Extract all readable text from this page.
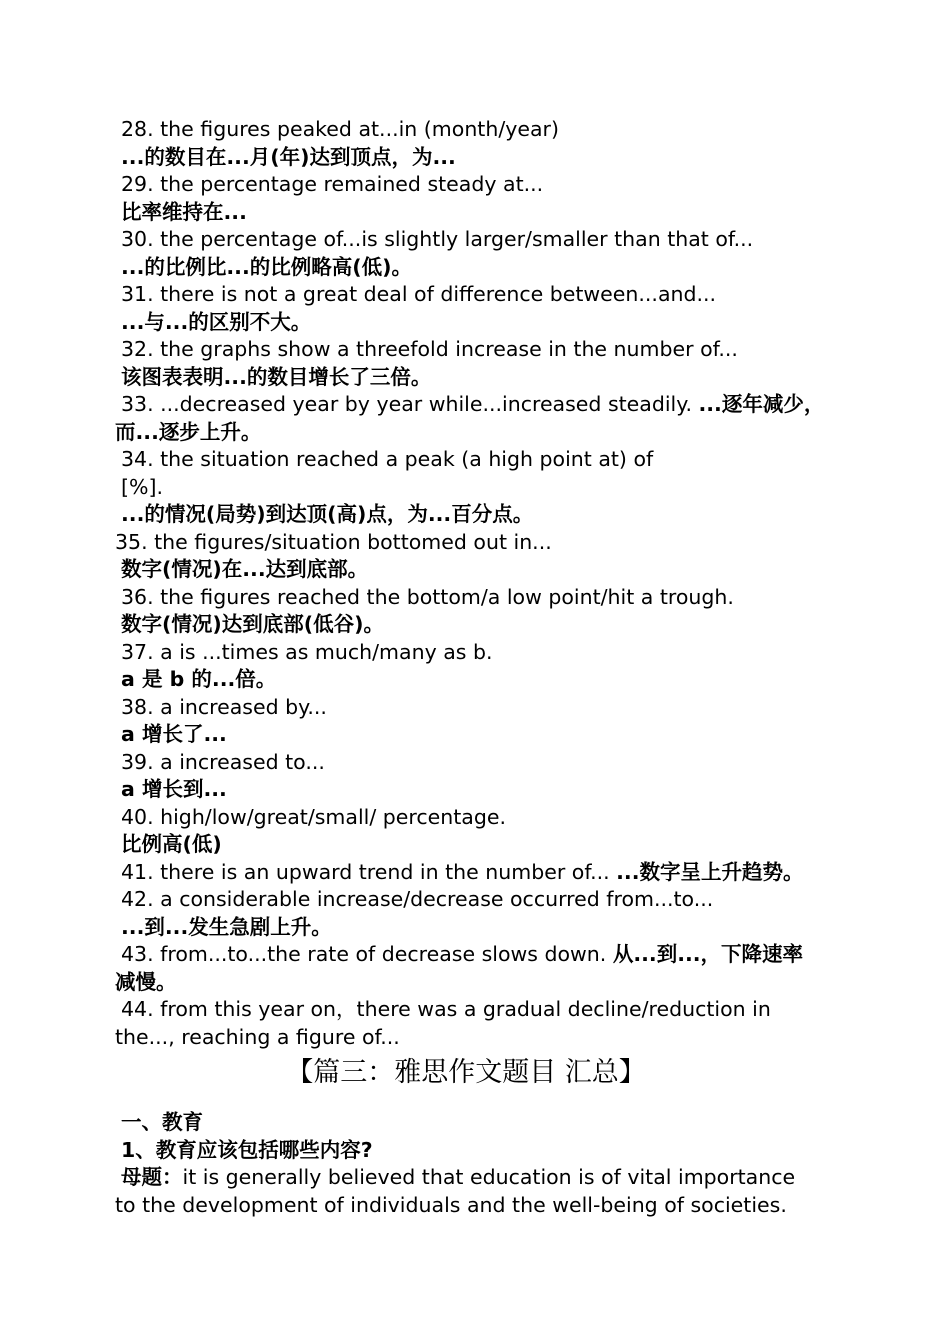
28. the figures peaked at...in (month/year)
...的数目在...月(年)达到顶点，为...
29. the percentage remained steady at...
比率维持在...
30. the percentage of...is slightly larger/smaller than that of...
...的比例比...的比例略高(低)。
31. there is not a great deal of difference between...and...
...与...的区别不大。
32. the graphs show a threefold increase in the number of...
该图表表明...的数目增长了三倍。
33. ...decreased year by year while...increased steadily. ...逐年减少，
而...逐步上升。
34. the situation reached a peak (a high point at) of
[%].
...的情况(局势)到达顶(高)点，为...百分点。
35. the figures/situation bottomed out in...
数字(情况)在...达到底部。
36. the figures reached the bottom/a low point/hit a trough.
数字(情况)达到底部(低谷)。
37. a is ...times as much/many as b.
a 是 b 的...倍。
38. a increased by...
a 增长了...
39. a increased to...
a 增长到...
40. high/low/great/small/ percentage.
比例高(低)
41. there is an upward trend in the number of... ...数字呈上升趋势。
42. a considerable increase/decrease occurred from...to...
...到...发生急剧上升。
43. from...to...the rate of decrease slows down. 从...到...，下降速率
减慢。
44. from this year on，there was a gradual decline/reduction in
the..., reaching a figure of...
【篇三：雅思作文题目 汇总】
一、教育
1、教育应该包括哪些内容?
母题：it is generally believed that education is of vital importance
to the development of individuals and the well-being of societies.
